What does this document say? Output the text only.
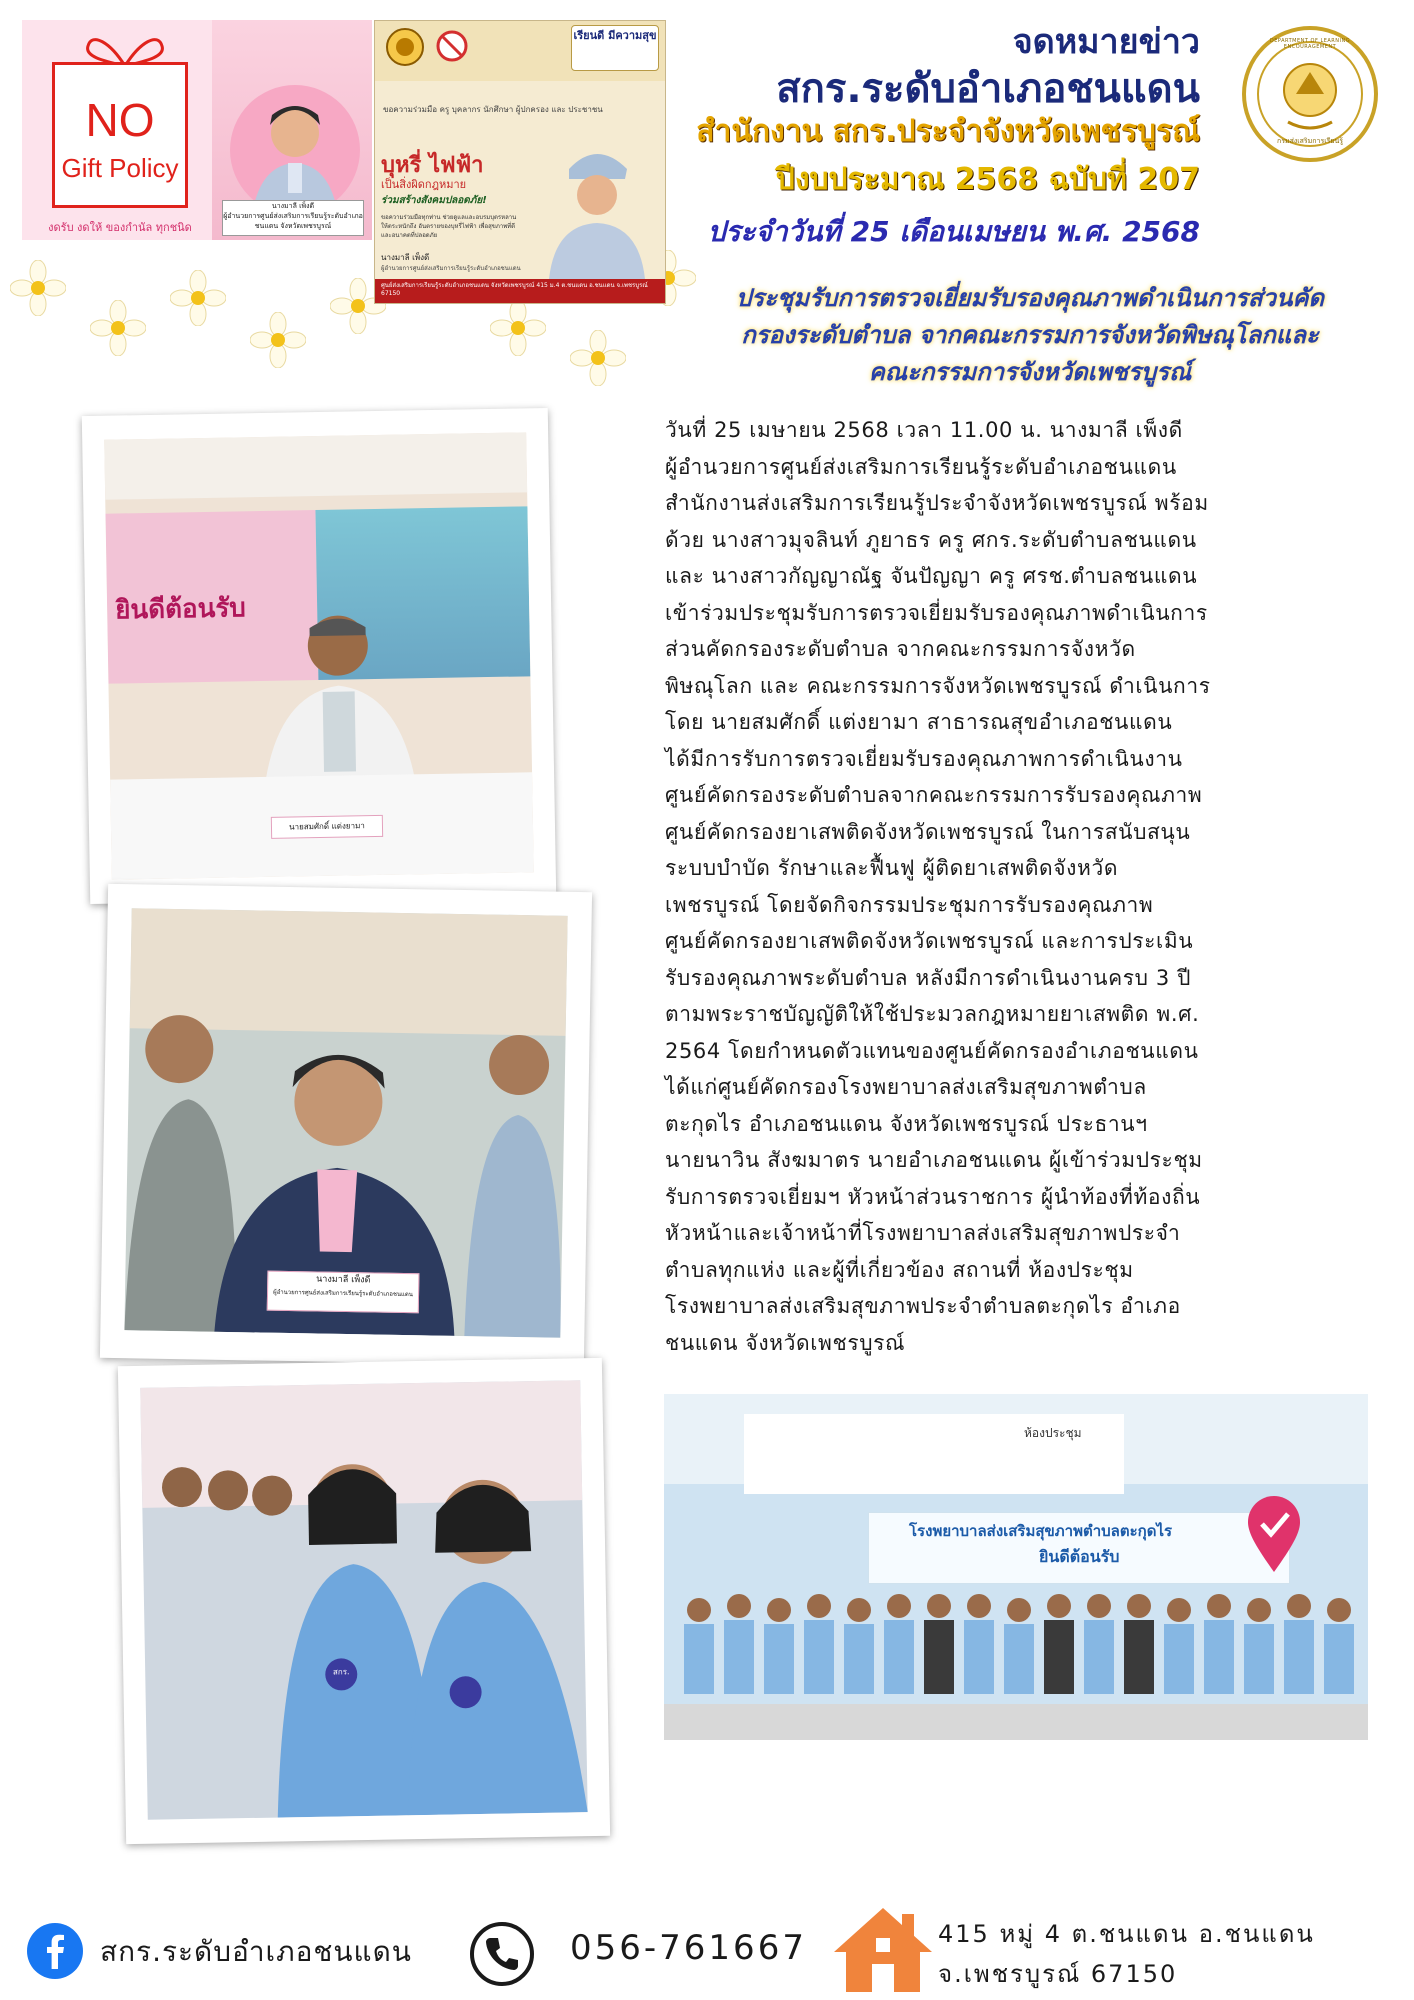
NO
Gift Policy
งดรับ งดให้ ของกำนัล ทุกชนิด
นางมาลี เพ็งดี
ผู้อำนวยการศูนย์ส่งเสริมการเรียนรู้ระดับอำเภอชนแดน จังหวัดเพชรบูรณ์
เรียนดี มีความสุข
ขอความร่วมมือ ครู บุคลากร นักศึกษา ผู้ปกครอง และ ประชาชน
บุหรี่ ไฟฟ้า
เป็นสิ่งผิดกฎหมาย
ร่วมสร้างสังคมปลอดภัย!
ขอความร่วมมือทุกท่าน ช่วยดูแลและอบรมบุตรหลาน ให้ตระหนักถึง อันตรายของบุหรี่ไฟฟ้า เพื่อสุขภาพที่ดีและอนาคตที่ปลอดภัย
นางมาลี เพ็งดี
ผู้อำนวยการศูนย์ส่งเสริมการเรียนรู้ระดับอำเภอชนแดน
ศูนย์ส่งเสริมการเรียนรู้ระดับอำเภอชนแดน จังหวัดเพชรบูรณ์ 415 ม.4 ต.ชนแดน อ.ชนแดน จ.เพชรบูรณ์ 67150
จดหมายข่าว
สกร.ระดับอำเภอชนแดน
สำนักงาน สกร.ประจำจังหวัดเพชรบูรณ์
ปีงบประมาณ 2568 ฉบับที่ 207
ประจำวันที่ 25 เดือนเมษยน พ.ศ. 2568
DEPARTMENT OF LEARNING ENCOURAGEMENT
กรมส่งเสริมการเรียนรู้
ประชุมรับการตรวจเยี่ยมรับรองคุณภาพดำเนินการส่วนคัด
กรองระดับตำบล จากคณะกรรมการจังหวัดพิษณุโลกและ
คณะกรรมการจังหวัดเพชรบูรณ์
ยินดีต้อนรับ
นายสมศักดิ์ แต่งยามา
นางมาลี เพ็งดี
ผู้อำนวยการศูนย์ส่งเสริมการเรียนรู้ระดับอำเภอชนแดน
สกร.
ห้องประชุม
โรงพยาบาลส่งเสริมสุขภาพตำบลตะกุดไร
ยินดีต้อนรับ
วันที่ 25 เมษายน 2568 เวลา 11.00 น. นางมาลี เพ็งดี
ผู้อำนวยการศูนย์ส่งเสริมการเรียนรู้ระดับอำเภอชนแดน
สำนักงานส่งเสริมการเรียนรู้ประจำจังหวัดเพชรบูรณ์ พร้อม
ด้วย นางสาวมุจลินท์ ภูยาธร ครู ศกร.ระดับตำบลชนแดน
และ นางสาวกัญญาณัฐ จันปัญญา ครู ศรช.ตำบลชนแดน
เข้าร่วมประชุมรับการตรวจเยี่ยมรับรองคุณภาพดำเนินการ
ส่วนคัดกรองระดับตำบล จากคณะกรรมการจังหวัด
พิษณุโลก และ คณะกรรมการจังหวัดเพชรบูรณ์ ดำเนินการ
โดย นายสมศักดิ์ แต่งยามา สาธารณสุขอำเภอชนแดน
ได้มีการรับการตรวจเยี่ยมรับรองคุณภาพการดำเนินงาน
ศูนย์คัดกรองระดับตำบลจากคณะกรรมการรับรองคุณภาพ
ศูนย์คัดกรองยาเสพติดจังหวัดเพชรบูรณ์ ในการสนับสนุน
ระบบบำบัด รักษาและฟื้นฟู ผู้ติดยาเสพติดจังหวัด
เพชรบูรณ์ โดยจัดกิจกรรมประชุมการรับรองคุณภาพ
ศูนย์คัดกรองยาเสพติดจังหวัดเพชรบูรณ์ และการประเมิน
รับรองคุณภาพระดับตำบล หลังมีการดำเนินงานครบ 3 ปี
ตามพระราชบัญญัติให้ใช้ประมวลกฎหมายยาเสพติด พ.ศ.
2564 โดยกำหนดตัวแทนของศูนย์คัดกรองอำเภอชนแดน
ได้แก่ศูนย์คัดกรองโรงพยาบาลส่งเสริมสุขภาพตำบล
ตะกุดไร อำเภอชนแดน จังหวัดเพชรบูรณ์ ประธานฯ
นายนาวิน สังฆมาตร นายอำเภอชนแดน ผู้เข้าร่วมประชุม
รับการตรวจเยี่ยมฯ หัวหน้าส่วนราชการ ผู้นำท้องที่ท้องถิ่น
หัวหน้าและเจ้าหน้าที่โรงพยาบาลส่งเสริมสุขภาพประจำ
ตำบลทุกแห่ง และผู้ที่เกี่ยวข้อง สถานที่ ห้องประชุม
โรงพยาบาลส่งเสริมสุขภาพประจำตำบลตะกุดไร อำเภอ
ชนแดน จังหวัดเพชรบูรณ์
สกร.ระดับอำเภอชนแดน	056-761667	415 หมู่ 4 ต.ชนแดน อ.ชนแดน
จ.เพชรบูรณ์ 67150
